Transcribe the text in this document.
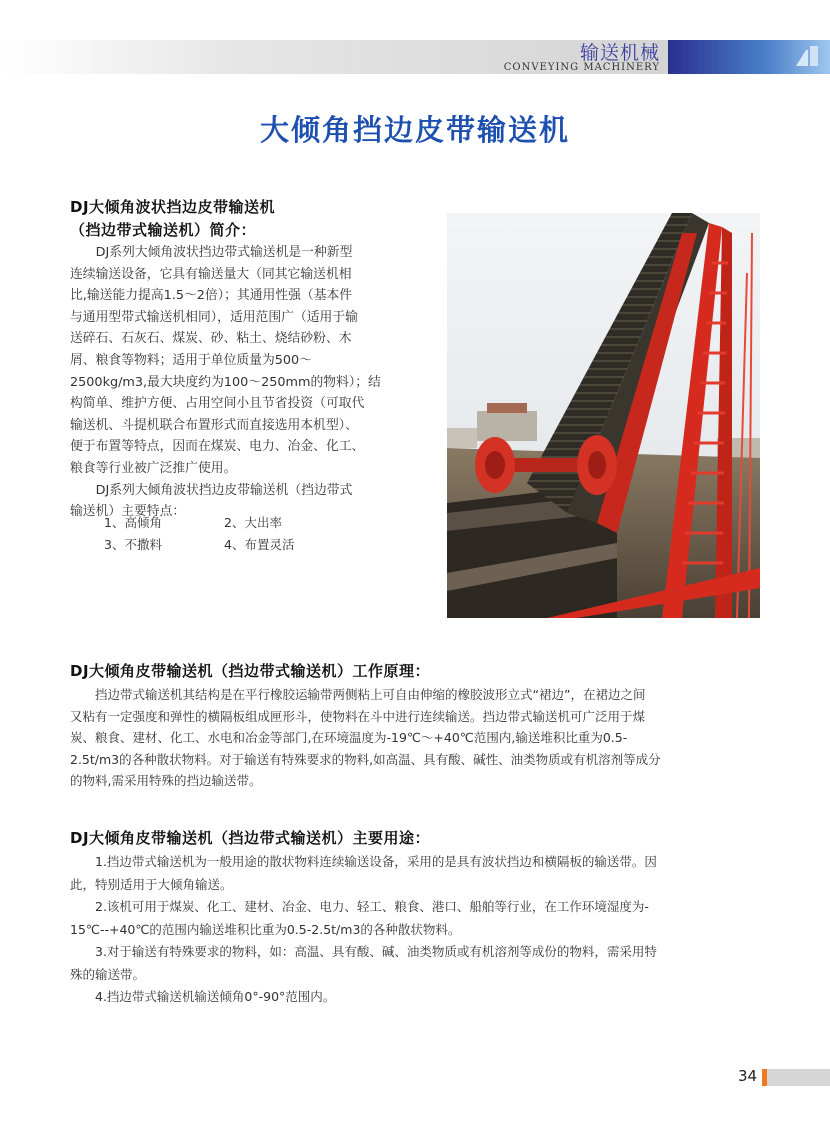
输送机械
CONVEYING MACHINERY
大倾角挡边皮带输送机
DJ大倾角波状挡边皮带输送机
（挡边带式输送机）简介：

　　DJ系列大倾角波状挡边带式输送机是一种新型

连续输送设备，它具有输送量大（同其它输送机相

比,输送能力提高1.5～2倍）；其通用性强（基本件

与通用型带式输送机相同），适用范围广（适用于输

送碎石、石灰石、煤炭、砂、粘土、烧结砂粉、木

屑、粮食等物料；适用于单位质量为500～

2500kg/m3,最大块度约为100～250mm的物料）；结

构简单、维护方便、占用空间小且节省投资（可取代

输送机、斗提机联合布置形式而直接选用本机型）、

便于布置等特点，因而在煤炭、电力、冶金、化工、

粮食等行业被广泛推广使用。

　　DJ系列大倾角波状挡边皮带输送机（挡边带式

输送机）主要特点：

1、高倾角	2、大出率
3、不撒料	4、布置灵活
DJ大倾角皮带输送机（挡边带式输送机）工作原理：

　　挡边带式输送机其结构是在平行橡胶运输带两侧粘上可自由伸缩的橡胶波形立式“裙边”，在裙边之间

又粘有一定强度和弹性的横隔板组成匣形斗，使物料在斗中进行连续输送。挡边带式输送机可广泛用于煤

炭、粮食、建材、化工、水电和冶金等部门,在环境温度为-19℃～+40℃范围内,输送堆积比重为0.5-

2.5t/m3的各种散状物料。对于输送有特殊要求的物料,如高温、具有酸、碱性、油类物质或有机溶剂等成分

的物料,需采用特殊的挡边输送带。

DJ大倾角皮带输送机（挡边带式输送机）主要用途：

　　1.挡边带式输送机为一般用途的散状物料连续输送设备，采用的是具有波状挡边和横隔板的输送带。因

此，特别适用于大倾角输送。

　　2.该机可用于煤炭、化工、建材、冶金、电力、轻工、粮食、港口、船舶等行业，在工作环境湿度为-

15℃--+40℃的范围内输送堆积比重为0.5-2.5t/m3的各种散状物料。

　　3.对于输送有特殊要求的物料，如：高温、具有酸、碱、油类物质或有机溶剂等成份的物料，需采用特

殊的输送带。

　　4.挡边带式输送机输送倾角0°-90°范围内。

34
